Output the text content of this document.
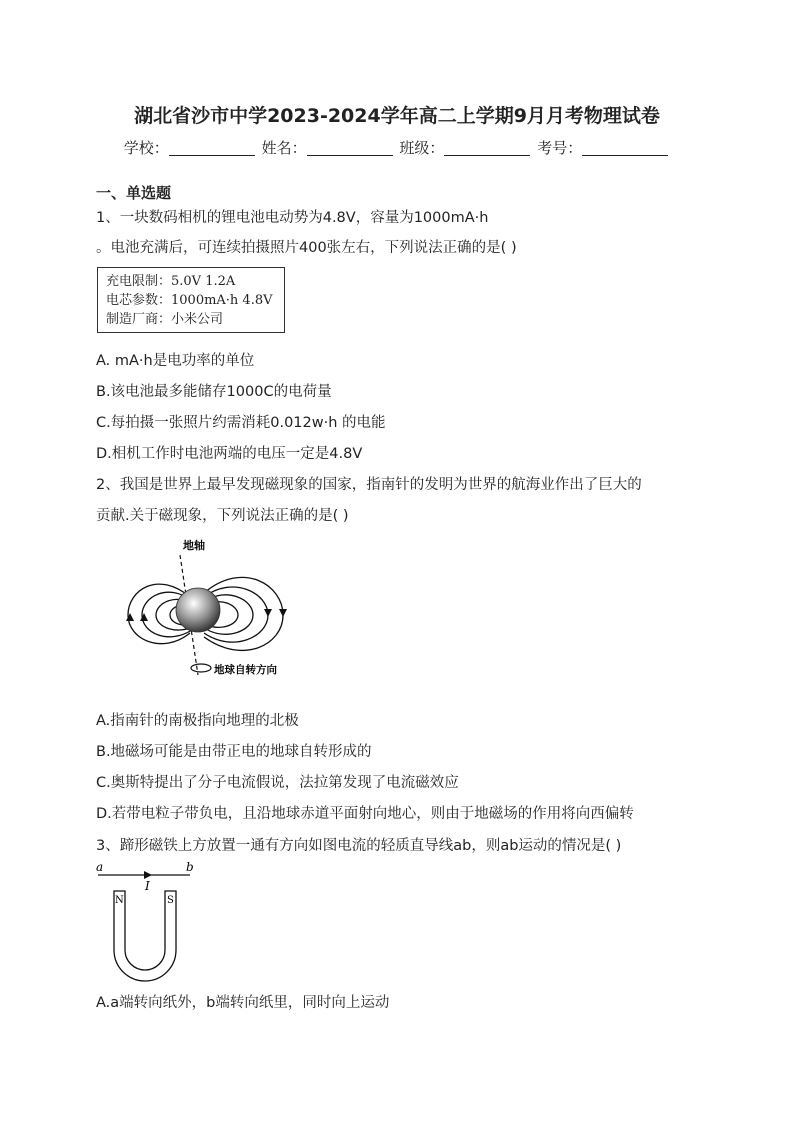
湖北省沙市中学2023-2024学年高二上学期9月月考物理试卷
学校：	姓名：	班级：	考号：
一、单选题
1、一块数码相机的锂电池电动势为4.8V，容量为1000mA·h
。电池充满后，可连续拍摄照片400张左右，下列说法正确的是( )
充电限制：5.0V 1.2A
电芯参数：1000mA·h 4.8V
制造厂商：小米公司
A. mA·h是电功率的单位
B.该电池最多能储存1000C的电荷量
C.每拍摄一张照片约需消耗0.012w·h 的电能
D.相机工作时电池两端的电压一定是4.8V
2、我国是世界上最早发现磁现象的国家，指南针的发明为世界的航海业作出了巨大的
贡献.关于磁现象，下列说法正确的是( )
地轴
地球自转方向
A.指南针的南极指向地理的北极
B.地磁场可能是由带正电的地球自转形成的
C.奥斯特提出了分子电流假说，法拉第发现了电流磁效应
D.若带电粒子带负电，且沿地球赤道平面射向地心，则由于地磁场的作用将向西偏转
3、蹄形磁铁上方放置一通有方向如图电流的轻质直导线ab，则ab运动的情况是( )
a	b
I
N	S
A.a端转向纸外，b端转向纸里，同时向上运动
